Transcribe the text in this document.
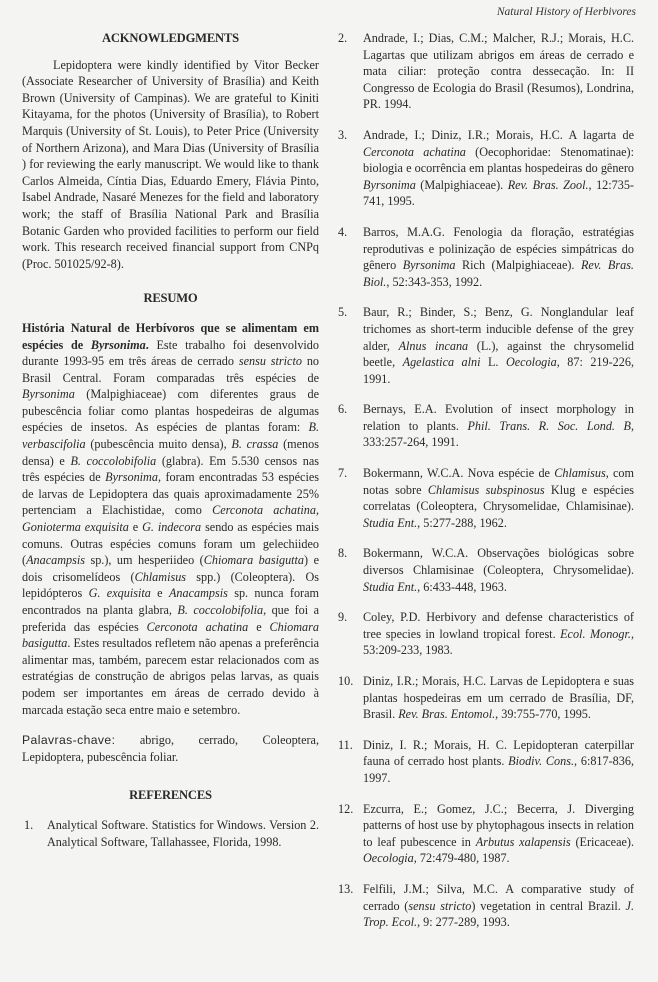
Natural History of Herbivores
ACKNOWLEDGMENTS

Lepidoptera were kindly identified by Vitor Becker (Associate Researcher of University of Brasília) and Keith Brown (University of Campinas). We are grateful to Kiniti Kitayama, for the photos (University of Brasília), to Robert Marquis (University of St. Louis), to Peter Price (University of Northern Arizona), and Mara Dias (University of Brasília ) for reviewing the early manuscript. We would like to thank Carlos Almeida, Cíntia Dias, Eduardo Emery, Flávia Pinto, Isabel Andrade, Nasaré Menezes for the field and laboratory work; the staff of Brasília National Park and Brasília Botanic Garden who provided facilities to perform our field work. This research received financial support from CNPq (Proc. 501025/92-8).

RESUMO

História Natural de Herbívoros que se alimentam em espécies de Byrsonima. Este trabalho foi desenvolvido durante 1993-95 em três áreas de cerrado sensu stricto no Brasil Central. Foram comparadas três espécies de Byrsonima (Malpighiaceae) com diferentes graus de pubescência foliar como plantas hospedeiras de algumas espécies de insetos. As espécies de plantas foram: B. verbascifolia (pubescência muito densa), B. crassa (menos densa) e B. coccolobifolia (glabra). Em 5.530 censos nas três espécies de Byrsonima, foram encontradas 53 espécies de larvas de Lepidoptera das quais aproximadamente 25% pertenciam a Elachistidae, como Cerconota achatina, Gonioterma exquisita e G. indecora sendo as espécies mais comuns. Outras espécies comuns foram um gelechiideo (Anacampsis sp.), um hesperiideo (Chiomara basigutta) e dois crisomelídeos (Chlamisus spp.) (Coleoptera). Os lepidópteros G. exquisita e Anacampsis sp. nunca foram encontrados na planta glabra, B. coccolobifolia, que foi a preferida das espécies Cerconota achatina e Chiomara basigutta. Estes resultados refletem não apenas a preferência alimentar mas, também, parecem estar relacionados com as estratégias de construção de abrigos pelas larvas, as quais podem ser importantes em áreas de cerrado devido à marcada estação seca entre maio e setembro.

Palavras-chave: abrigo, cerrado, Coleoptera, Lepidoptera, pubescência foliar.

REFERENCES
1. Analytical Software. Statistics for Windows. Version 2. Analytical Software, Tallahassee, Florida, 1998.
2. Andrade, I.; Dias, C.M.; Malcher, R.J.; Morais, H.C. Lagartas que utilizam abrigos em áreas de cerrado e mata ciliar: proteção contra dessecação. In: II Congresso de Ecologia do Brasil (Resumos), Londrina, PR. 1994.
3. Andrade, I.; Diniz, I.R.; Morais, H.C. A lagarta de Cerconota achatina (Oecophoridae: Stenomatinae): biologia e ocorrência em plantas hospedeiras do gênero Byrsonima (Malpighiaceae). Rev. Bras. Zool., 12:735-741, 1995.
4. Barros, M.A.G. Fenologia da floração, estratégias reprodutivas e polinização de espécies simpátricas do gênero Byrsonima Rich (Malpighiaceae). Rev. Bras. Biol., 52:343-353, 1992.
5. Baur, R.; Binder, S.; Benz, G. Nonglandular leaf trichomes as short-term inducible defense of the grey alder, Alnus incana (L.), against the chrysomelid beetle, Agelastica alni L. Oecologia, 87: 219-226, 1991.
6. Bernays, E.A. Evolution of insect morphology in relation to plants. Phil. Trans. R. Soc. Lond. B, 333:257-264, 1991.
7. Bokermann, W.C.A. Nova espécie de Chlamisus, com notas sobre Chlamisus subspinosus Klug e espécies correlatas (Coleoptera, Chrysomelidae, Chlamisinae). Studia Ent., 5:277-288, 1962.
8. Bokermann, W.C.A. Observações biológicas sobre diversos Chlamisinae (Coleoptera, Chrysomelidae). Studia Ent., 6:433-448, 1963.
9. Coley, P.D. Herbivory and defense characteristics of tree species in lowland tropical forest. Ecol. Monogr., 53:209-233, 1983.
10. Diniz, I.R.; Morais, H.C. Larvas de Lepidoptera e suas plantas hospedeiras em um cerrado de Brasília, DF, Brasil. Rev. Bras. Entomol., 39:755-770, 1995.
11. Diniz, I. R.; Morais, H. C. Lepidopteran caterpillar fauna of cerrado host plants. Biodiv. Cons., 6:817-836, 1997.
12. Ezcurra, E.; Gomez, J.C.; Becerra, J. Diverging patterns of host use by phytophagous insects in relation to leaf pubescence in Arbutus xalapensis (Ericaceae). Oecologia, 72:479-480, 1987.
13. Felfili, J.M.; Silva, M.C. A comparative study of cerrado (sensu stricto) vegetation in central Brazil. J. Trop. Ecol., 9: 277-289, 1993.
